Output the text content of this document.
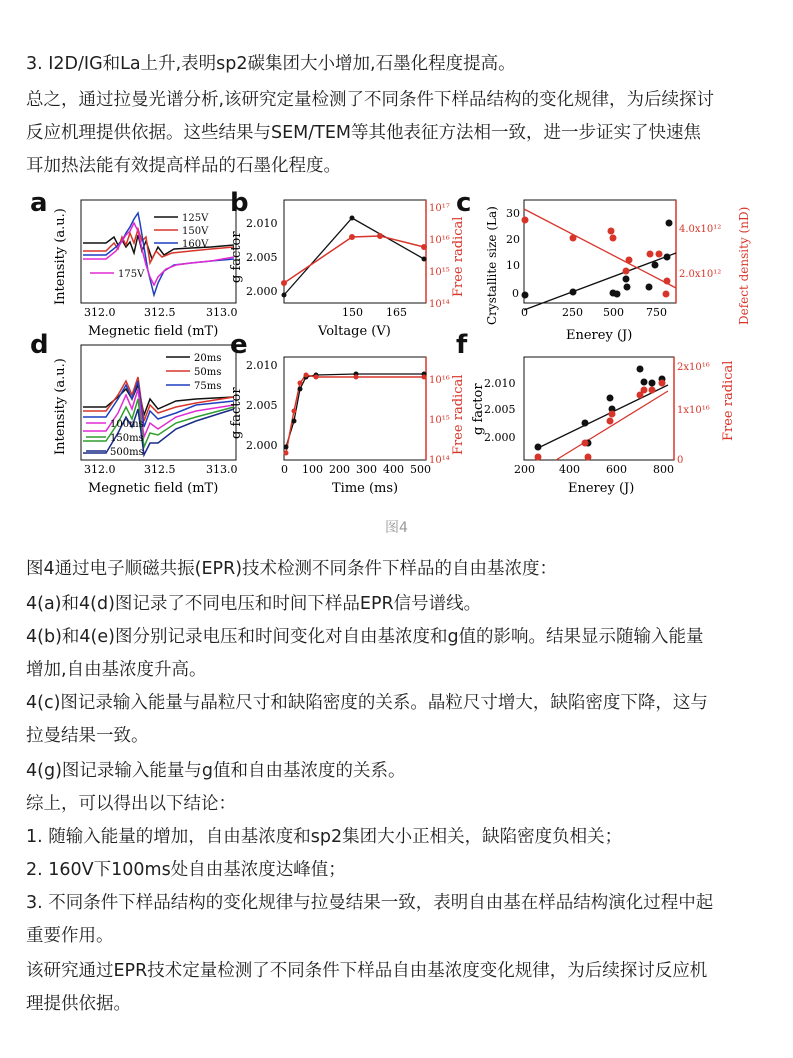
3. I2D/IG和La上升,表明sp2碳集团大小增加,石墨化程度提高。

总之，通过拉曼光谱分析,该研究定量检测了不同条件下样品结构的变化规律，为后续探讨

反应机理提供依据。这些结果与SEM/TEM等其他表征方法相一致，进一步证实了快速焦

耳加热法能有效提高样品的石墨化程度。

a
125V
150V
160V
175V
312.0	312.5	313.0
Megnetic field (mT)
Intensity (a.u.)
b
2.010
2.005
2.000
10¹⁷
10¹⁶
10¹⁵
10¹⁴
150 165
Voltage (V)
g factor	Free radical
c	30
20
10
0
4.0x10¹²
2.0x10¹²
0	250 500 750
Enerey (J)
Crystallite size (La)	Defect density (nD)
d	20ms
50ms
75ms
100ms
150ms
500ms
312.0	312.5	313.0
Megnetic field (mT)
Intensity (a.u.)
e
2.010
2.005
2.000
10¹⁶
10¹⁵
10¹⁴
0 100 200 300 400 500
Time (ms)
g factor	Free radical
f
2.010
2.005
2.000
2x10¹⁶
1x10¹⁶
0
200 400 600 800
Enerey (J)
g factor	Free radical
图4

图4通过电子顺磁共振(EPR)技术检测不同条件下样品的自由基浓度：

4(a)和4(d)图记录了不同电压和时间下样品EPR信号谱线。

4(b)和4(e)图分别记录电压和时间变化对自由基浓度和g值的影响。结果显示随输入能量

增加,自由基浓度升高。

4(c)图记录输入能量与晶粒尺寸和缺陷密度的关系。晶粒尺寸增大，缺陷密度下降，这与

拉曼结果一致。

4(g)图记录输入能量与g值和自由基浓度的关系。

综上，可以得出以下结论：

1. 随输入能量的增加，自由基浓度和sp2集团大小正相关，缺陷密度负相关；

2. 160V下100ms处自由基浓度达峰值；

3. 不同条件下样品结构的变化规律与拉曼结果一致，表明自由基在样品结构演化过程中起

重要作用。

该研究通过EPR技术定量检测了不同条件下样品自由基浓度变化规律，为后续探讨反应机

理提供依据。
